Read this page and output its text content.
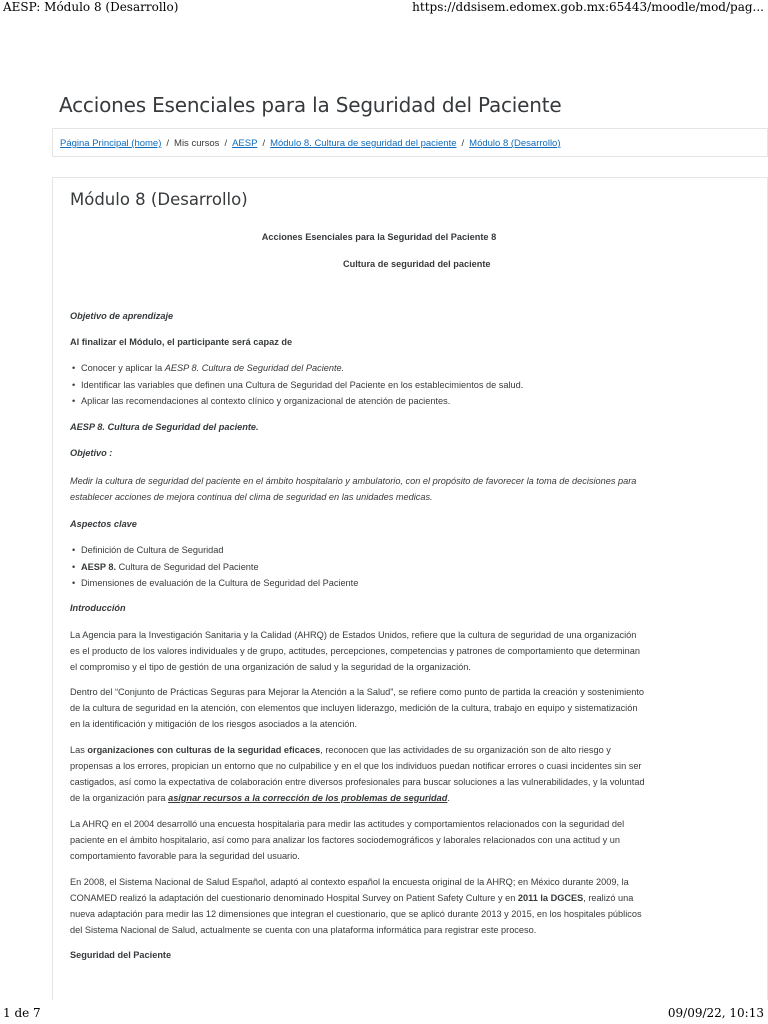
AESP: Módulo 8 (Desarrollo)	https://ddsisem.edomex.gob.mx:65443/moodle/mod/pag...
Acciones Esenciales para la Seguridad del Paciente
Página Principal (home) / Mis cursos / AESP / Módulo 8. Cultura de seguridad del paciente / Módulo 8 (Desarrollo)
Módulo 8 (Desarrollo)

Acciones Esenciales para la Seguridad del Paciente 8

Cultura de seguridad del paciente

Objetivo de aprendizaje

Al finalizar el Módulo, el participante será capaz de

• Conocer y aplicar la AESP 8. Cultura de Seguridad del Paciente.
• Identificar las variables que definen una Cultura de Seguridad del Paciente en los establecimientos de salud.
• Aplicar las recomendaciones al contexto clínico y organizacional de atención de pacientes.

AESP 8. Cultura de Seguridad del paciente.

Objetivo :

Medir la cultura de seguridad del paciente en el ámbito hospitalario y ambulatorio, con el propósito de favorecer la toma de decisiones para

establecer acciones de mejora continua del clima de seguridad en las unidades medicas.

Aspectos clave

• Definición de Cultura de Seguridad
• AESP 8. Cultura de Seguridad del Paciente
• Dimensiones de evaluación de la Cultura de Seguridad del Paciente

Introducción

La Agencia para la Investigación Sanitaria y la Calidad (AHRQ) de Estados Unidos, refiere que la cultura de seguridad de una organización

es el producto de los valores individuales y de grupo, actitudes, percepciones, competencias y patrones de comportamiento que determinan

el compromiso y el tipo de gestión de una organización de salud y la seguridad de la organización.

Dentro del “Conjunto de Prácticas Seguras para Mejorar la Atención a la Salud”, se refiere como punto de partida la creación y sostenimiento

de la cultura de seguridad en la atención, con elementos que incluyen liderazgo, medición de la cultura, trabajo en equipo y sistematización

en la identificación y mitigación de los riesgos asociados a la atención.

Las organizaciones con culturas de la seguridad eficaces, reconocen que las actividades de su organización son de alto riesgo y

propensas a los errores, propician un entorno que no culpabilice y en el que los individuos puedan notificar errores o cuasi incidentes sin ser

castigados, así como la expectativa de colaboración entre diversos profesionales para buscar soluciones a las vulnerabilidades, y la voluntad

de la organización para asignar recursos a la corrección de los problemas de seguridad.

La AHRQ en el 2004 desarrolló una encuesta hospitalaria para medir las actitudes y comportamientos relacionados con la seguridad del

paciente en el ámbito hospitalario, así como para analizar los factores sociodemográficos y laborales relacionados con una actitud y un

comportamiento favorable para la seguridad del usuario.

En 2008, el Sistema Nacional de Salud Español, adaptó al contexto español la encuesta original de la AHRQ; en México durante 2009, la

CONAMED realizó la adaptación del cuestionario denominado Hospital Survey on Patient Safety Culture y en 2011 la DGCES, realizó una

nueva adaptación para medir las 12 dimensiones que integran el cuestionario, que se aplicó durante 2013 y 2015, en los hospitales públicos

del Sistema Nacional de Salud, actualmente se cuenta con una plataforma informática para registrar este proceso.

Seguridad del Paciente

1 de 7	09/09/22, 10:13
